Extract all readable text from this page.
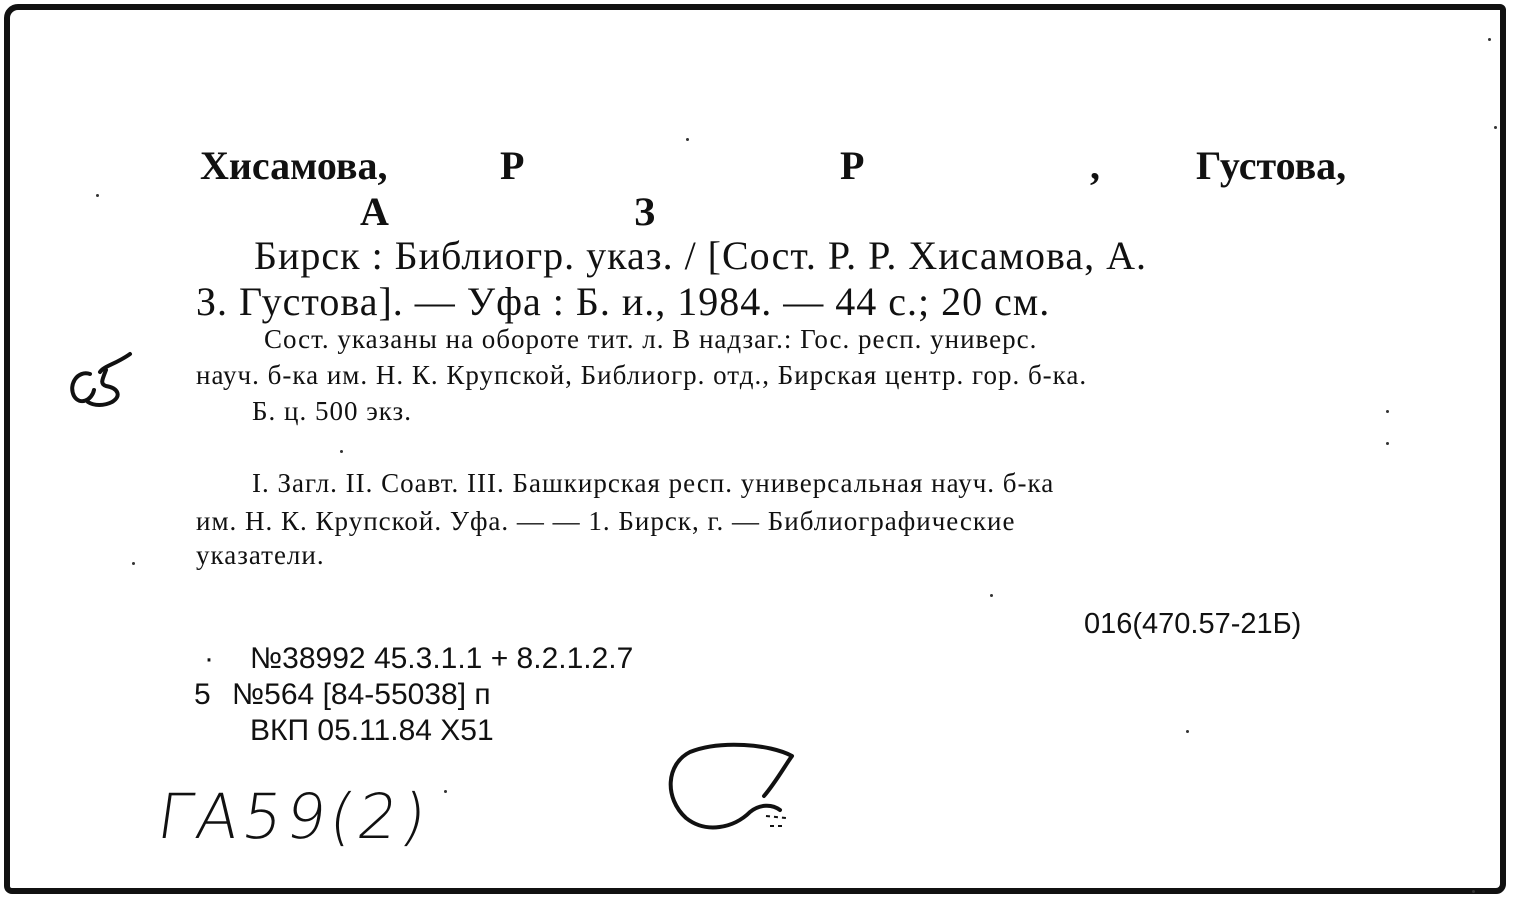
Хисамова,	Р	Р	, Густова,
А	З
Бирск : Библиогр. указ. / [Сост. Р. Р. Хисамова, А.
З. Густова]. — Уфа : Б. и., 1984. — 44 с.; 20 см.
Сост. указаны на обороте тит. л. В надзаг.: Гос. респ. универс.
науч. б-ка им. Н. К. Крупской, Библиогр. отд., Бирская центр. гор. б-ка.
Б. ц. 500 экз.
I. Загл. II. Соавт. III. Башкирская респ. универсальная науч. б-ка
им. Н. К. Крупской. Уфа. — — 1. Бирск, г. — Библиографические
указатели.
016(470.57-21Б)
· №38992 45.3.1.1 + 8.2.1.2.7
5 №564 [84-55038] п
ВКП 05.11.84 Х51
ГА59(2)
